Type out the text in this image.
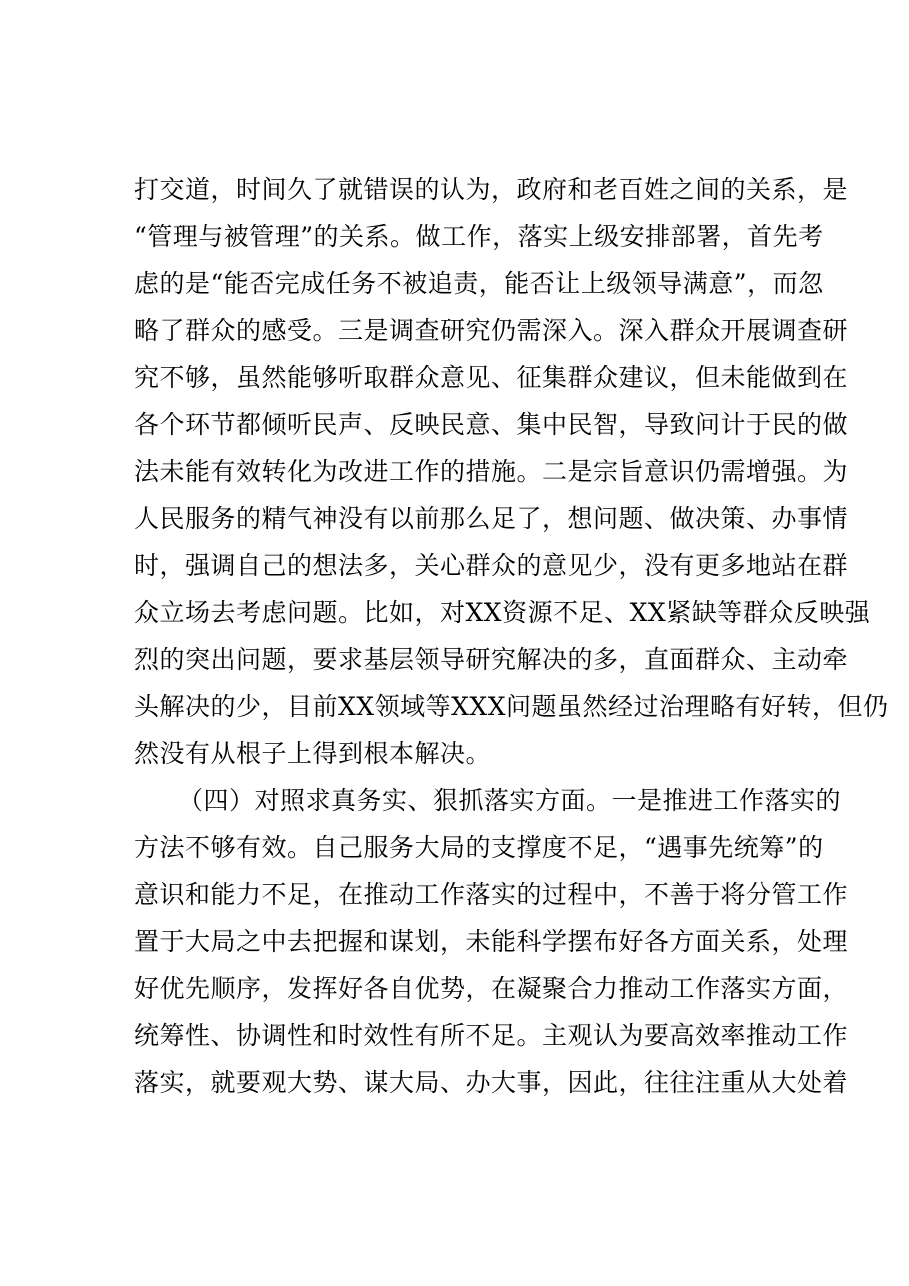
打交道，时间久了就错误的认为，政府和老百姓之间的关系，是
“管理与被管理”的关系。做工作，落实上级安排部署，首先考
虑的是“能否完成任务不被追责，能否让上级领导满意”，而忽
略了群众的感受。三是调查研究仍需深入。深入群众开展调查研
究不够，虽然能够听取群众意见、征集群众建议，但未能做到在
各个环节都倾听民声、反映民意、集中民智，导致问计于民的做
法未能有效转化为改进工作的措施。二是宗旨意识仍需增强。为
人民服务的精气神没有以前那么足了，想问题、做决策、办事情
时，强调自己的想法多，关心群众的意见少，没有更多地站在群
众立场去考虑问题。比如，对XX资源不足、XX紧缺等群众反映强
烈的突出问题，要求基层领导研究解决的多，直面群众、主动牵
头解决的少，目前XX领域等XXX问题虽然经过治理略有好转，但仍
然没有从根子上得到根本解决。
（四）对照求真务实、狠抓落实方面。一是推进工作落实的
方法不够有效。自己服务大局的支撑度不足，“遇事先统筹”的
意识和能力不足，在推动工作落实的过程中，不善于将分管工作
置于大局之中去把握和谋划，未能科学摆布好各方面关系，处理
好优先顺序，发挥好各自优势，在凝聚合力推动工作落实方面，
统筹性、协调性和时效性有所不足。主观认为要高效率推动工作
落实，就要观大势、谋大局、办大事，因此，往往注重从大处着
